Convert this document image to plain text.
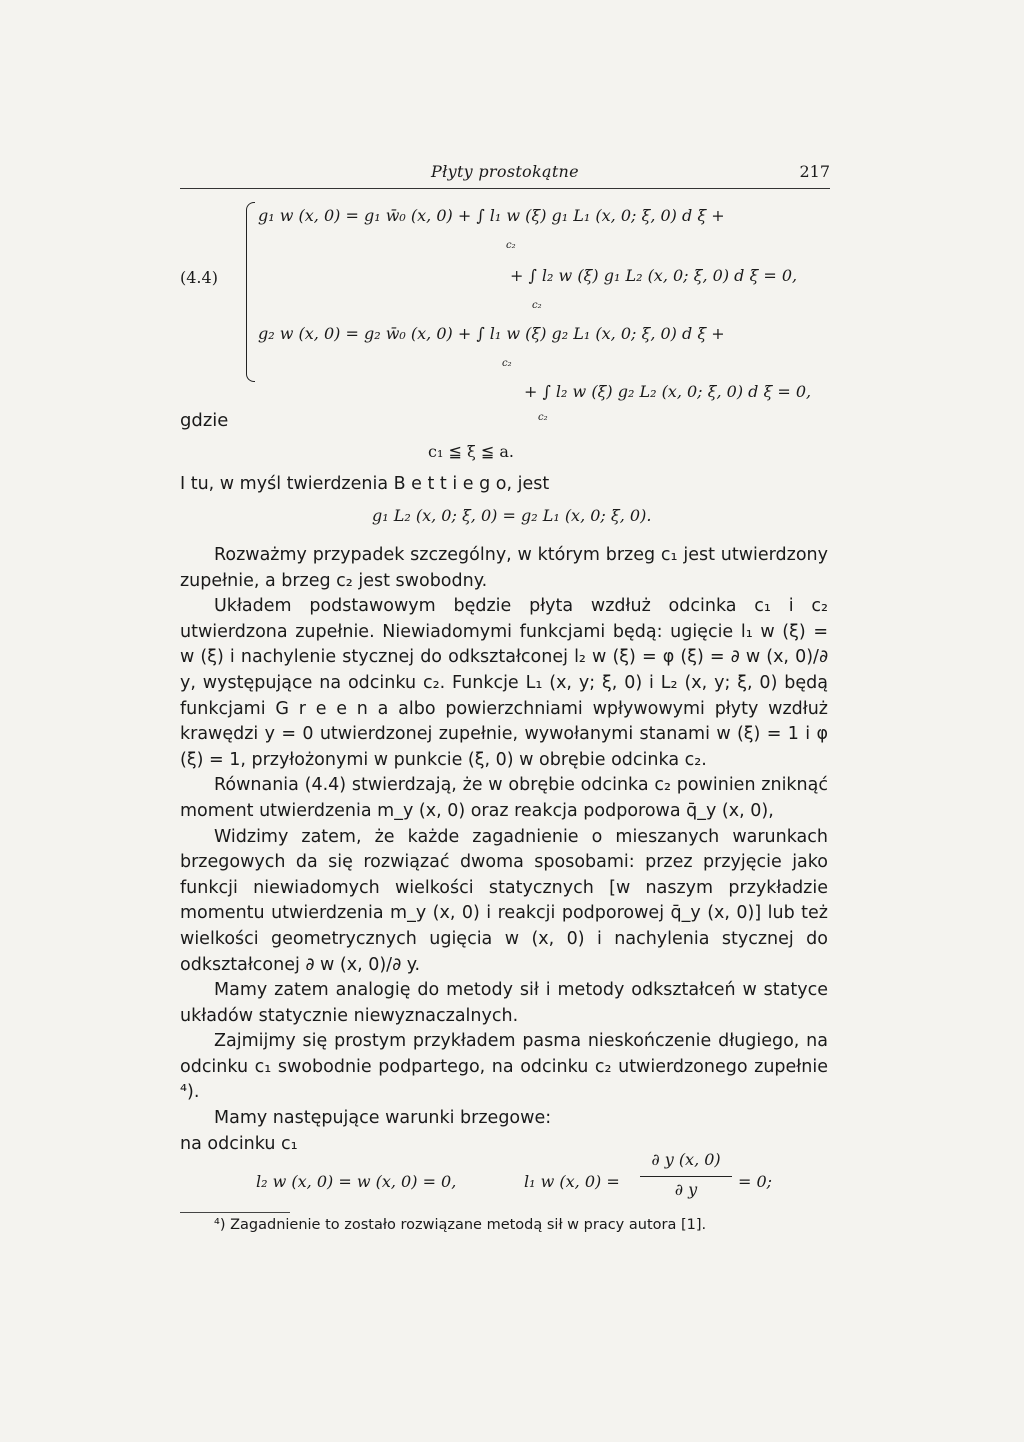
Płyty prostokątne	217
(4.4)
g₁ w (x, 0) = g₁ w̄₀ (x, 0) + ∫ l₁ w (ξ) g₁ L₁ (x, 0; ξ, 0) d ξ +
c₂
+ ∫ l₂ w (ξ) g₁ L₂ (x, 0; ξ, 0) d ξ = 0,
c₂
g₂ w (x, 0) = g₂ w̄₀ (x, 0) + ∫ l₁ w (ξ) g₂ L₁ (x, 0; ξ, 0) d ξ +
c₂
+ ∫ l₂ w (ξ) g₂ L₂ (x, 0; ξ, 0) d ξ = 0,
c₂
gdzie
c₁ ≦ ξ ≦ a.
I tu, w myśl twierdzenia B e t t i e g o, jest
g₁ L₂ (x, 0; ξ, 0) = g₂ L₁ (x, 0; ξ, 0).

Rozważmy przypadek szczególny, w którym brzeg c₁ jest utwierdzony zupełnie, a brzeg c₂ jest swobodny.

Układem podstawowym będzie płyta wzdłuż odcinka c₁ i c₂ utwierdzona zupełnie. Niewiadomymi funkcjami będą: ugięcie l₁ w (ξ) = w (ξ) i nachylenie stycznej do odkształconej l₂ w (ξ) = φ (ξ) = ∂ w (x, 0)/∂ y, występujące na odcinku c₂. Funkcje L₁ (x, y; ξ, 0) i L₂ (x, y; ξ, 0) będą funkcjami G r e e n a albo powierzchniami wpływowymi płyty wzdłuż krawędzi y = 0 utwierdzonej zupełnie, wywołanymi stanami w (ξ) = 1 i φ (ξ) = 1, przyłożonymi w punkcie (ξ, 0) w obrębie odcinka c₂.

Równania (4.4) stwierdzają, że w obrębie odcinka c₂ powinien zniknąć moment utwierdzenia m_y (x, 0) oraz reakcja podporowa q̄_y (x, 0),

Widzimy zatem, że każde zagadnienie o mieszanych warunkach brzegowych da się rozwiązać dwoma sposobami: przez przyjęcie jako funkcji niewiadomych wielkości statycznych [w naszym przykładzie momentu utwierdzenia m_y (x, 0) i reakcji podporowej q̄_y (x, 0)] lub też wielkości geometrycznych ugięcia w (x, 0) i nachylenia stycznej do odkształconej ∂ w (x, 0)/∂ y.

Mamy zatem analogię do metody sił i metody odkształceń w statyce układów statycznie niewyznaczalnych.

Zajmijmy się prostym przykładem pasma nieskończenie długiego, na odcinku c₁ swobodnie podpartego, na odcinku c₂ utwierdzonego zupełnie ⁴).

Mamy następujące warunki brzegowe:

na odcinku c₁
l₂ w (x, 0) = w (x, 0) = 0,	l₁ w (x, 0) =
∂ y (x, 0)
∂ y	= 0;
⁴) Zagadnienie to zostało rozwiązane metodą sił w pracy autora [1].
